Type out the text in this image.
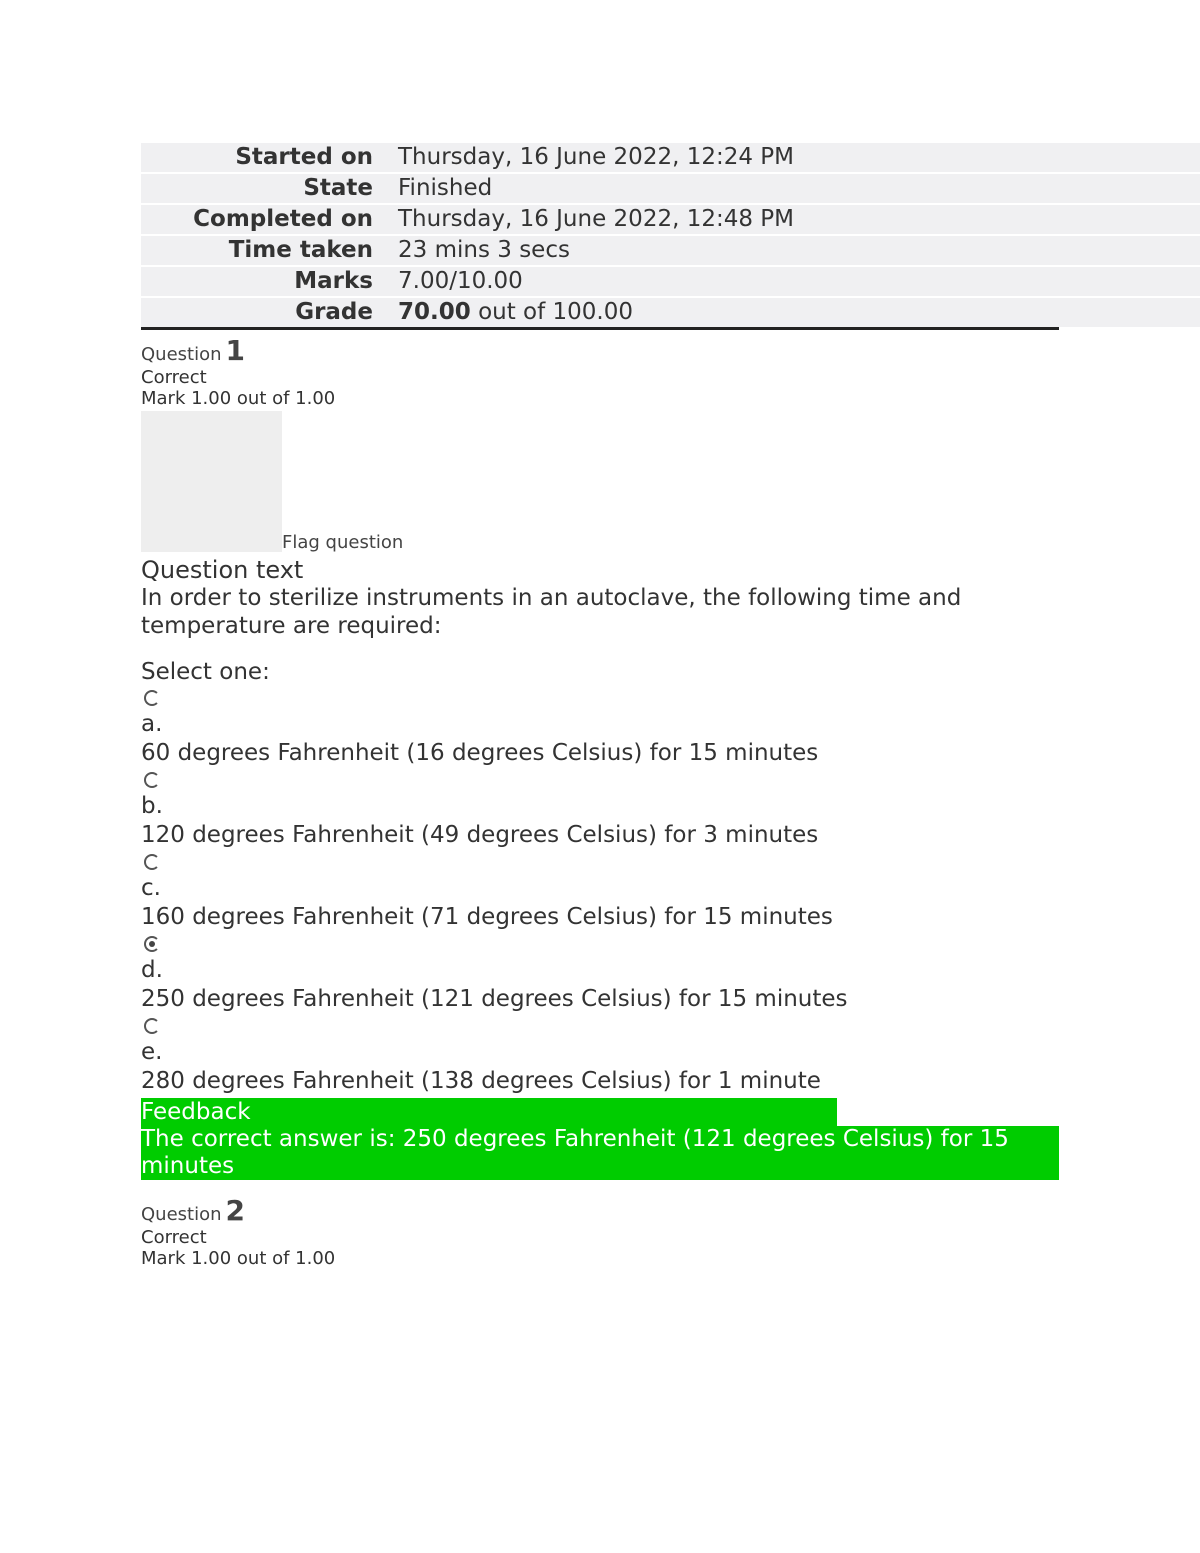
Started on	Thursday, 16 June 2022, 12:24 PM
State	Finished
Completed on	Thursday, 16 June 2022, 12:48 PM
Time taken	23 mins 3 secs
Marks	7.00/10.00
Grade	70.00 out of 100.00
Question 1
Correct
Mark 1.00 out of 1.00
Flag question
Question text
In order to sterilize instruments in an autoclave, the following time and temperature are required:
Select one:
a.
60 degrees Fahrenheit (16 degrees Celsius) for 15 minutes
b.
120 degrees Fahrenheit (49 degrees Celsius) for 3 minutes
c.
160 degrees Fahrenheit (71 degrees Celsius) for 15 minutes
d.
250 degrees Fahrenheit (121 degrees Celsius) for 15 minutes
e.
280 degrees Fahrenheit (138 degrees Celsius) for 1 minute
Feedback
The correct answer is: 250 degrees Fahrenheit (121 degrees Celsius) for 15 minutes
Question 2
Correct
Mark 1.00 out of 1.00
